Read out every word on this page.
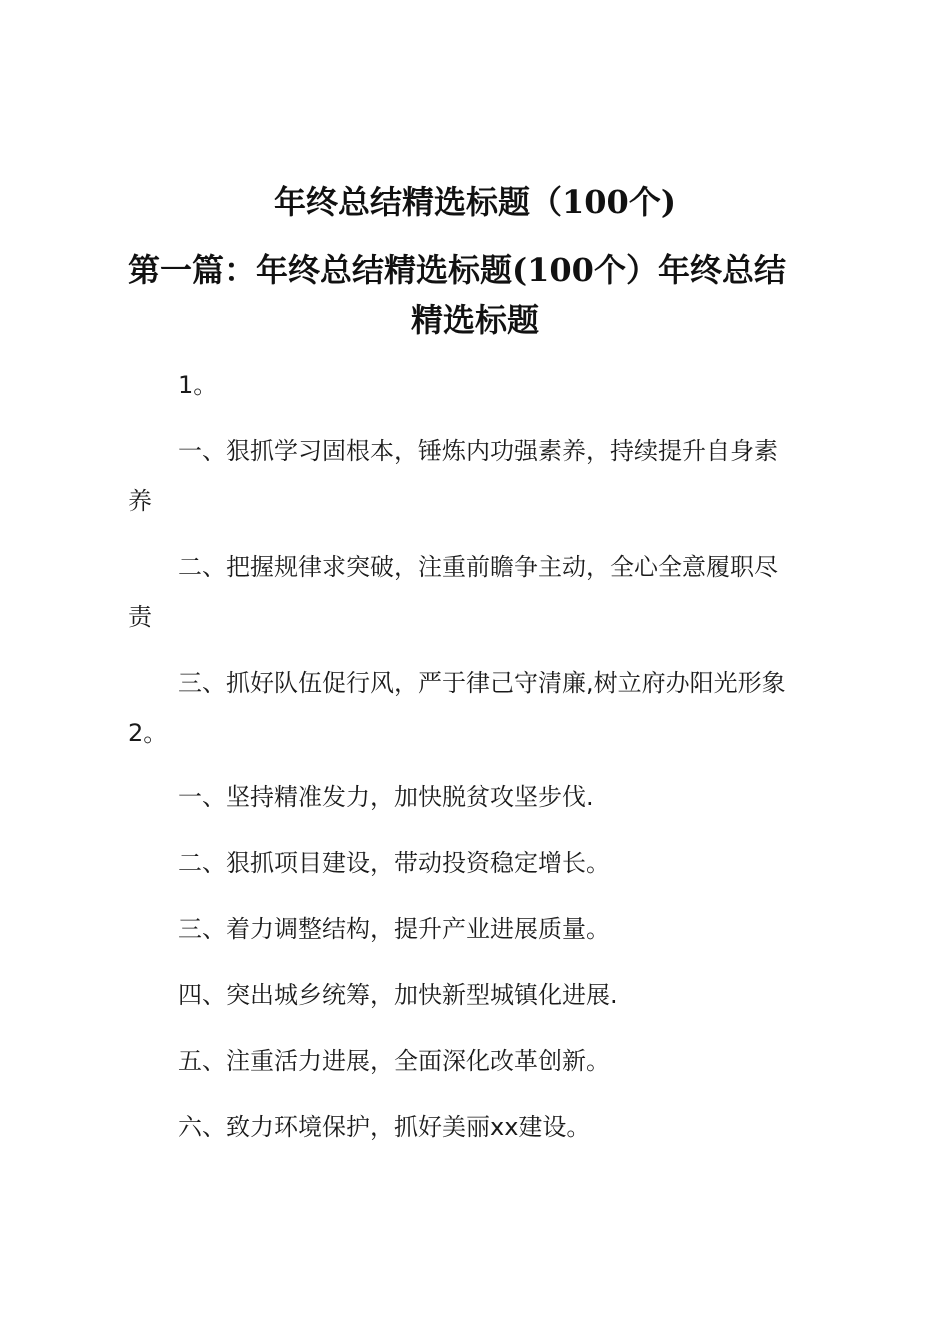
年终总结精选标题（100个)
第一篇：年终总结精选标题(100个）年终总结
精选标题
1。
一、狠抓学习固根本，锤炼内功强素养，持续提升自身素
养
二、把握规律求突破，注重前瞻争主动，全心全意履职尽
责
三、抓好队伍促行风，严于律己守清廉,树立府办阳光形象
2。
一、坚持精准发力，加快脱贫攻坚步伐.
二、狠抓项目建设，带动投资稳定增长。
三、着力调整结构，提升产业进展质量。
四、突出城乡统筹，加快新型城镇化进展.
五、注重活力进展，全面深化改革创新。
六、致力环境保护，抓好美丽xx建设。
